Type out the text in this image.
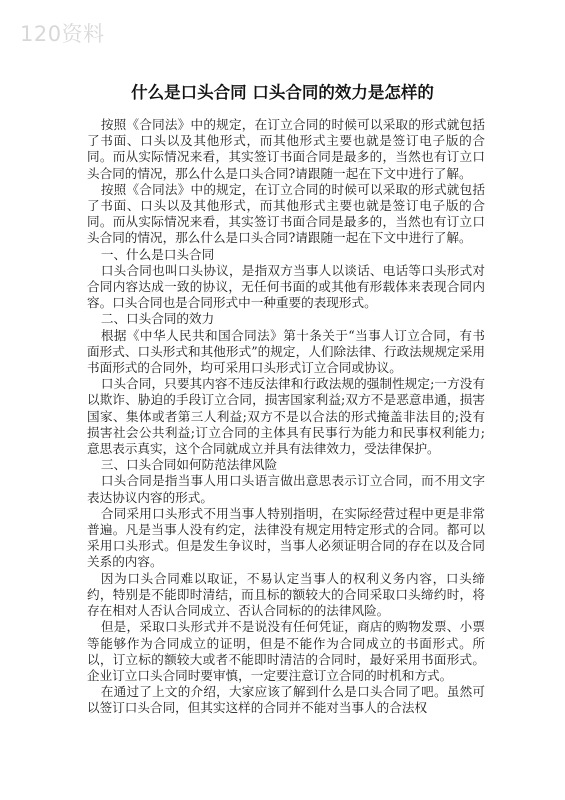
120资料
什么是口头合同 口头合同的效力是怎样的

按照《合同法》中的规定，在订立合同的时候可以采取的形式就包括了书面、口头以及其他形式，而其他形式主要也就是签订电子版的合同。而从实际情况来看，其实签订书面合同是最多的，当然也有订立口头合同的情况，那么什么是口头合同?请跟随一起在下文中进行了解。

按照《合同法》中的规定，在订立合同的时候可以采取的形式就包括了书面、口头以及其他形式，而其他形式主要也就是签订电子版的合同。而从实际情况来看，其实签订书面合同是最多的，当然也有订立口头合同的情况，那么什么是口头合同?请跟随一起在下文中进行了解。

一、什么是口头合同

口头合同也叫口头协议，是指双方当事人以谈话、电话等口头形式对合同内容达成一致的协议，无任何书面的或其他有形载体来表现合同内容。口头合同也是合同形式中一种重要的表现形式。

二、口头合同的效力

根据《中华人民共和国合同法》第十条关于“当事人订立合同，有书面形式、口头形式和其他形式”的规定，人们除法律、行政法规规定采用书面形式的合同外，均可采用口头形式订立合同或协议。

口头合同，只要其内容不违反法律和行政法规的强制性规定;一方没有以欺诈、胁迫的手段订立合同，损害国家利益;双方不是恶意串通，损害国家、集体或者第三人利益;双方不是以合法的形式掩盖非法目的;没有损害社会公共利益;订立合同的主体具有民事行为能力和民事权利能力;意思表示真实，这个合同就成立并具有法律效力，受法律保护。

三、口头合同如何防范法律风险

口头合同是指当事人用口头语言做出意思表示订立合同，而不用文字表达协议内容的形式。

合同采用口头形式不用当事人特别指明，在实际经营过程中更是非常普遍。凡是当事人没有约定，法律没有规定用特定形式的合同。都可以采用口头形式。但是发生争议时，当事人必须证明合同的存在以及合同关系的内容。

因为口头合同难以取证，不易认定当事人的权利义务内容，口头缔约，特别是不能即时清结，而且标的额较大的合同采取口头缔约时，将存在相对人否认合同成立、否认合同标的的法律风险。

但是，采取口头形式并不是说没有任何凭证，商店的购物发票、小票等能够作为合同成立的证明，但是不能作为合同成立的书面形式。所以，订立标的额较大或者不能即时清洁的合同时，最好采用书面形式。企业订立口头合同时要审慎，一定要注意订立合同的时机和方式。

在通过了上文的介绍，大家应该了解到什么是口头合同了吧。虽然可以签订口头合同，但其实这样的合同并不能对当事人的合法权
